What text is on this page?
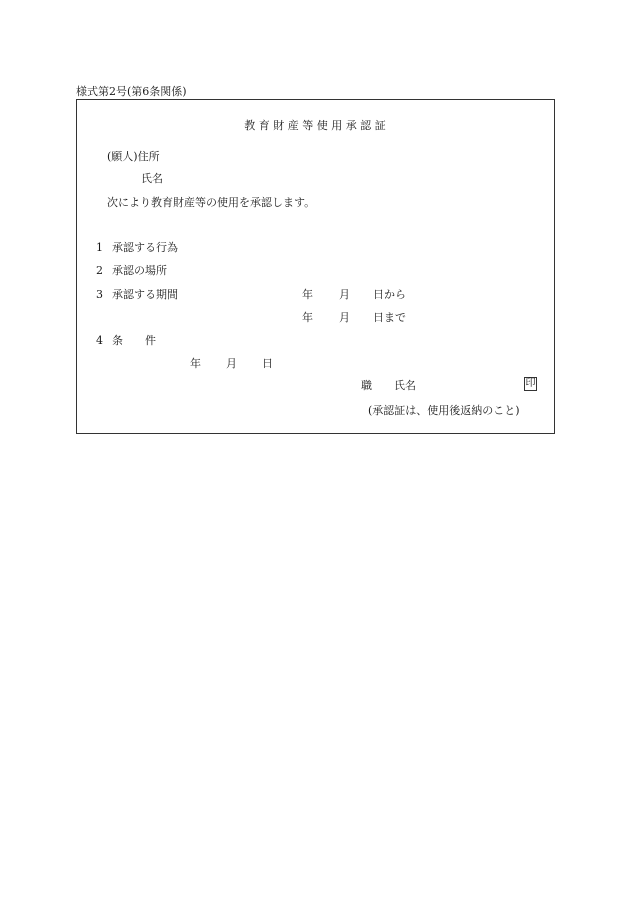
様式第2号(第6条関係)
教 育 財 産 等 使 用 承 認 証
(願人)住所
氏名
次により教育財産等の使用を承認します。
1 承認する行為
2 承認の場所
3 承認する期間	年 月 日から
年 月 日まで
4 条　　件
年 月 日
職 氏名	印
(承認証は、使用後返納のこと)
